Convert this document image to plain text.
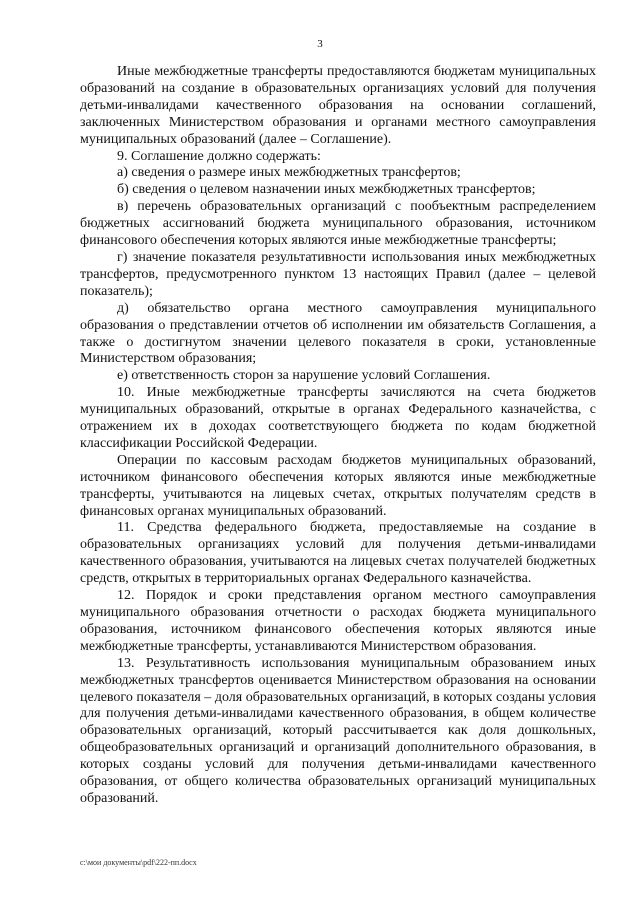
3

Иные межбюджетные трансферты предоставляются бюджетам муниципальных образований на создание в образовательных организациях условий для получения детьми-инвалидами качественного образования на основании соглашений, заключенных Министерством образования и органами местного самоуправления муниципальных образований (далее – Соглашение).

9. Соглашение должно содержать:

а) сведения о размере иных межбюджетных трансфертов;

б) сведения о целевом назначении иных межбюджетных трансфертов;

в) перечень образовательных организаций с пообъектным распределением бюджетных ассигнований бюджета муниципального образования, источником финансового обеспечения которых являются иные межбюджетные трансферты;

г) значение показателя результативности использования иных межбюджетных трансфертов, предусмотренного пунктом 13 настоящих Правил (далее – целевой показатель);

д) обязательство органа местного самоуправления муниципального образования о представлении отчетов об исполнении им обязательств Соглашения, а также о достигнутом значении целевого показателя в сроки, установленные Министерством образования;

е) ответственность сторон за нарушение условий Соглашения.

10. Иные межбюджетные трансферты зачисляются на счета бюджетов муниципальных образований, открытые в органах Федерального казначейства, с отражением их в доходах соответствующего бюджета по кодам бюджетной классификации Российской Федерации.

Операции по кассовым расходам бюджетов муниципальных образований, источником финансового обеспечения которых являются иные межбюджетные трансферты, учитываются на лицевых счетах, открытых получателям средств в финансовых органах муниципальных образований.

11. Средства федерального бюджета, предоставляемые на создание в образовательных организациях условий для получения детьми-инвалидами качественного образования, учитываются на лицевых счетах получателей бюджетных средств, открытых в территориальных органах Федерального казначейства.

12. Порядок и сроки представления органом местного самоуправления муниципального образования отчетности о расходах бюджета муниципального образования, источником финансового обеспечения которых являются иные межбюджетные трансферты, устанавливаются Министерством образования.

13. Результативность использования муниципальным образованием иных межбюджетных трансфертов оценивается Министерством образования на основании целевого показателя – доля образовательных организаций, в которых созданы условия для получения детьми-инвалидами качественного образования, в общем количестве образовательных организаций, который рассчитывается как доля дошкольных, общеобразовательных организаций и организаций дополнительного образования, в которых созданы условий для получения детьми-инвалидами качественного образования, от общего количества образовательных организаций муниципальных образований.

c:\мои документы\pdf\222-пп.docx
